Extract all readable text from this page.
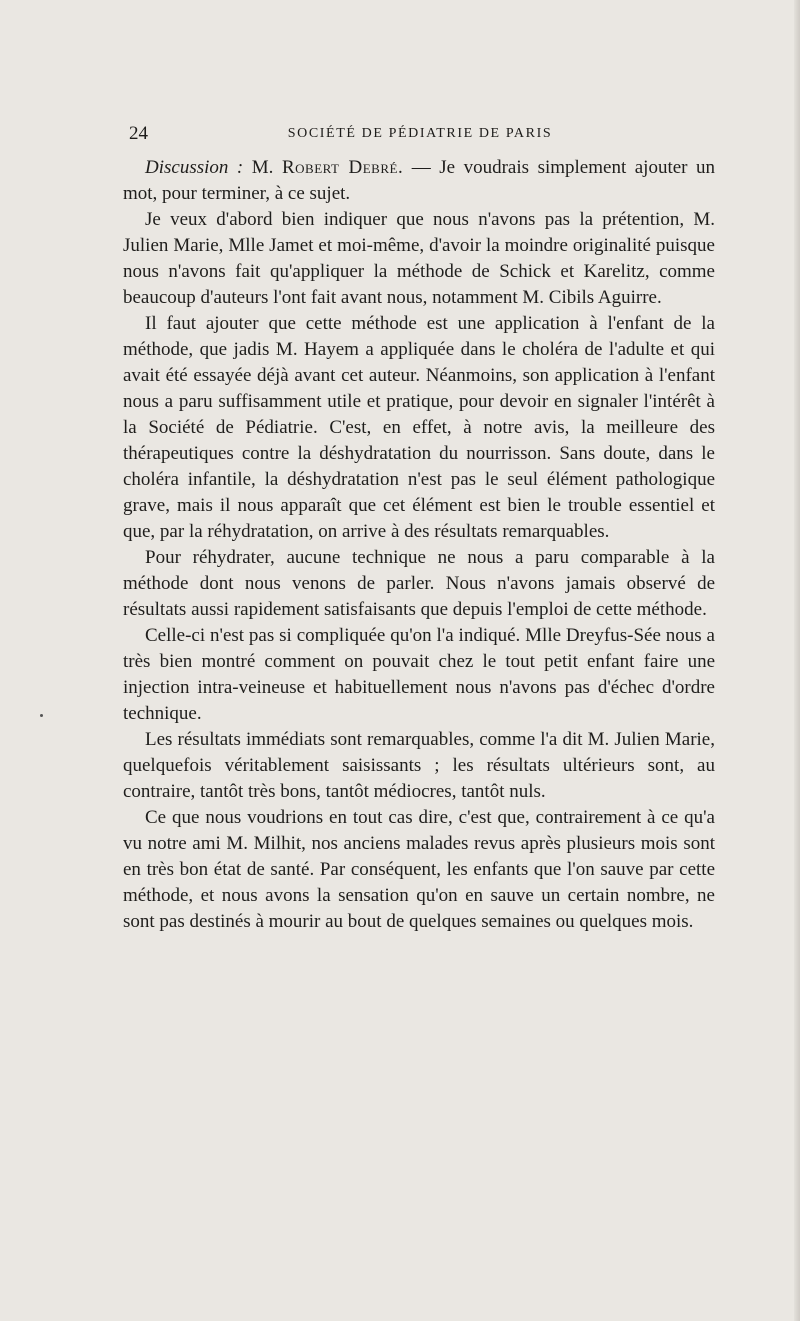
24	SOCIÉTÉ DE PÉDIATRIE DE PARIS

Discussion : M. Robert Debré. — Je voudrais simplement ajouter un mot, pour terminer, à ce sujet.

Je veux d'abord bien indiquer que nous n'avons pas la prétention, M. Julien Marie, Mlle Jamet et moi-même, d'avoir la moindre originalité puisque nous n'avons fait qu'appliquer la méthode de Schick et Karelitz, comme beaucoup d'auteurs l'ont fait avant nous, notamment M. Cibils Aguirre.

Il faut ajouter que cette méthode est une application à l'enfant de la méthode, que jadis M. Hayem a appliquée dans le choléra de l'adulte et qui avait été essayée déjà avant cet auteur. Néanmoins, son application à l'enfant nous a paru suffisamment utile et pratique, pour devoir en signaler l'intérêt à la Société de Pédiatrie. C'est, en effet, à notre avis, la meilleure des thérapeutiques contre la déshydratation du nourrisson. Sans doute, dans le choléra infantile, la déshydratation n'est pas le seul élément pathologique grave, mais il nous apparaît que cet élément est bien le trouble essentiel et que, par la réhydratation, on arrive à des résultats remarquables.

Pour réhydrater, aucune technique ne nous a paru comparable à la méthode dont nous venons de parler. Nous n'avons jamais observé de résultats aussi rapidement satisfaisants que depuis l'emploi de cette méthode.

Celle-ci n'est pas si compliquée qu'on l'a indiqué. Mlle Dreyfus-Sée nous a très bien montré comment on pouvait chez le tout petit enfant faire une injection intra-veineuse et habituellement nous n'avons pas d'échec d'ordre technique.

Les résultats immédiats sont remarquables, comme l'a dit M. Julien Marie, quelquefois véritablement saisissants ; les résultats ultérieurs sont, au contraire, tantôt très bons, tantôt médiocres, tantôt nuls.

Ce que nous voudrions en tout cas dire, c'est que, contrairement à ce qu'a vu notre ami M. Milhit, nos anciens malades revus après plusieurs mois sont en très bon état de santé. Par conséquent, les enfants que l'on sauve par cette méthode, et nous avons la sensation qu'on en sauve un certain nombre, ne sont pas destinés à mourir au bout de quelques semaines ou quelques mois.
